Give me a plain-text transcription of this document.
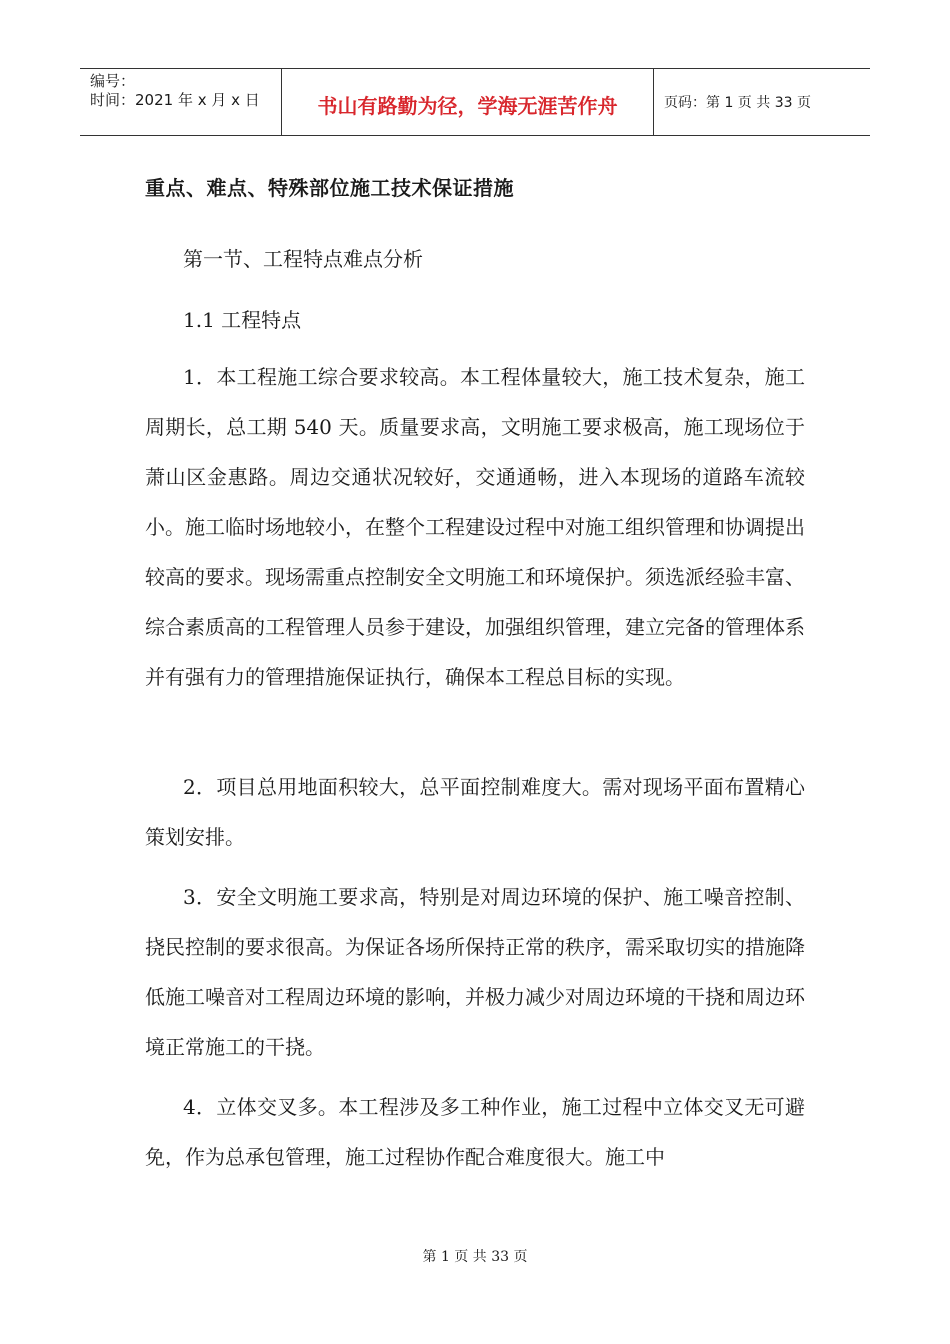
编号：
时间：2021 年 x 月 x 日	书山有路勤为径，学海无涯苦作舟	页码：第 1 页 共 33 页
重点、难点、特殊部位施工技术保证措施
第一节、工程特点难点分析
1.1 工程特点

1．本工程施工综合要求较高。本工程体量较大，施工技术复杂，施工周期长，总工期 540 天。质量要求高，文明施工要求极高，施工现场位于萧山区金惠路。周边交通状况较好，交通通畅，进入本现场的道路车流较小。施工临时场地较小，在整个工程建设过程中对施工组织管理和协调提出较高的要求。现场需重点控制安全文明施工和环境保护。须选派经验丰富、综合素质高的工程管理人员参于建设，加强组织管理，建立完备的管理体系并有强有力的管理措施保证执行，确保本工程总目标的实现。

2．项目总用地面积较大，总平面控制难度大。需对现场平面布置精心策划安排。

3．安全文明施工要求高，特别是对周边环境的保护、施工噪音控制、挠民控制的要求很高。为保证各场所保持正常的秩序，需采取切实的措施降低施工噪音对工程周边环境的影响，并极力减少对周边环境的干挠和周边环境正常施工的干挠。

4．立体交叉多。本工程涉及多工种作业，施工过程中立体交叉无可避免，作为总承包管理，施工过程协作配合难度很大。施工中

第 1 页 共 33 页
